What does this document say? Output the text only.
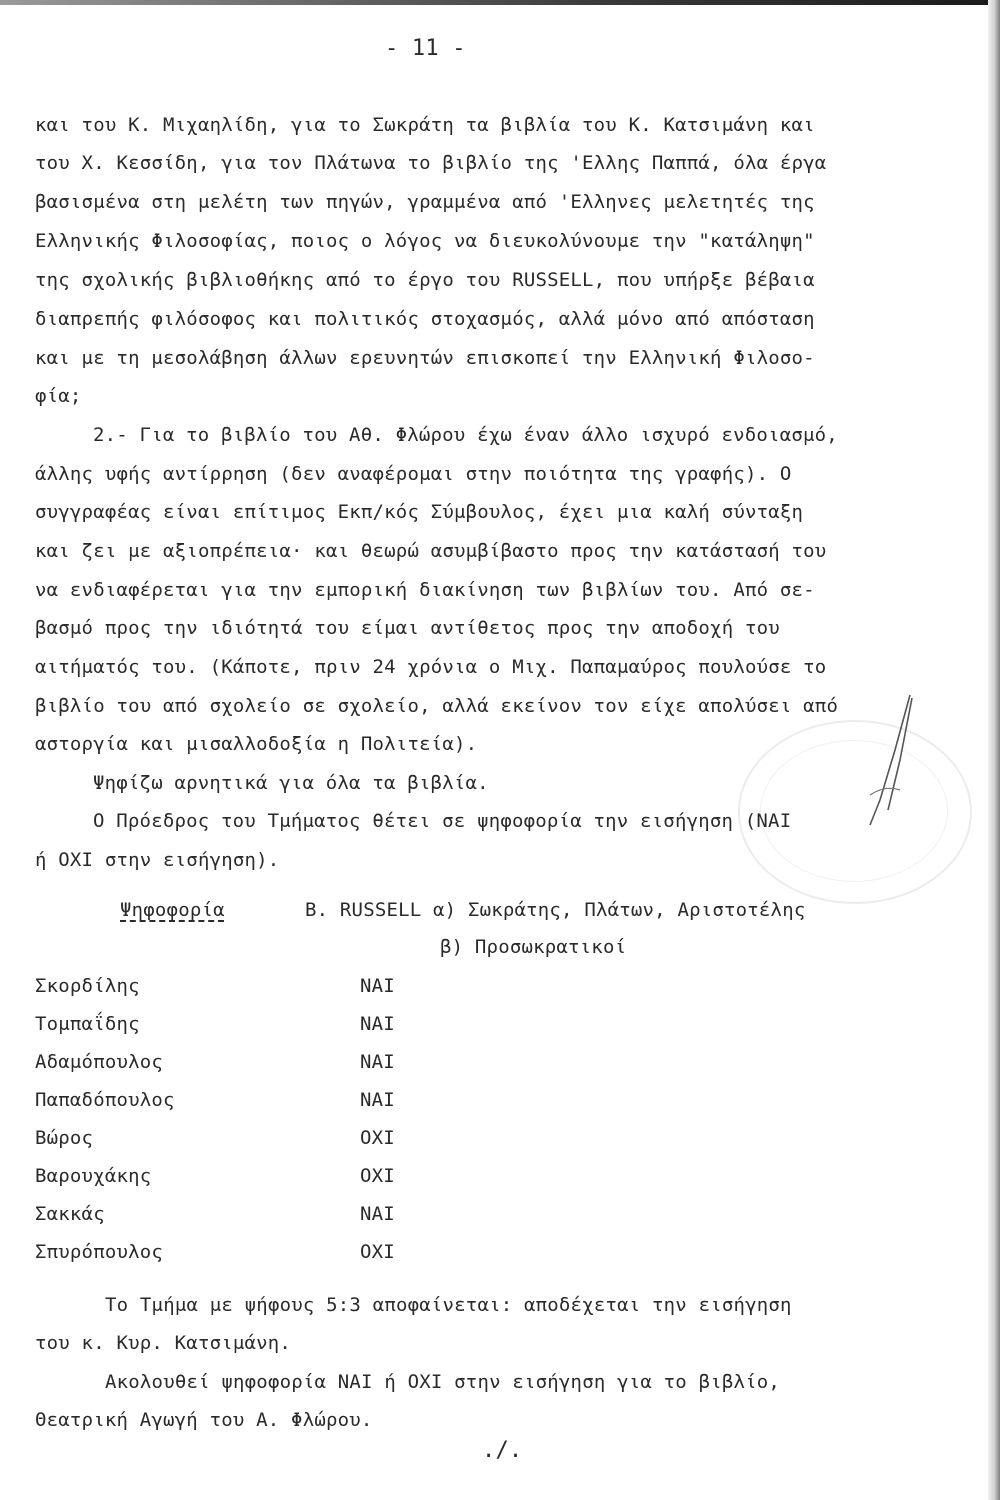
- 11 -
και του Κ. Μιχαηλίδη, για το Σωκράτη τα βιβλία του Κ. Κατσιμάνη και
του Χ. Κεσσίδη, για τον Πλάτωνα το βιβλίο της 'Ελλης Παππά, όλα έργα
βασισμένα στη μελέτη των πηγών, γραμμένα από 'Ελληνες μελετητές της
Ελληνικής Φιλοσοφίας, ποιος ο λόγος να διευκολύνουμε την "κατάληψη"
της σχολικής βιβλιοθήκης από το έργο του RUSSELL, που υπήρξε βέβαια
διαπρεπής φιλόσοφος και πολιτικός στοχασμός, αλλά μόνο από απόσταση
και με τη μεσολάβηση άλλων ερευνητών επισκοπεί την Ελληνική Φιλοσο-
φία;
2.- Για το βιβλίο του Αθ. Φλώρου έχω έναν άλλο ισχυρό ενδοιασμό,
άλλης υφής αντίρρηση (δεν αναφέρομαι στην ποιότητα της γραφής). Ο
συγγραφέας είναι επίτιμος Εκπ/κός Σύμβουλος, έχει μια καλή σύνταξη
και ζει με αξιοπρέπεια· και θεωρώ ασυμβίβαστο προς την κατάστασή του
να ενδιαφέρεται για την εμπορική διακίνηση των βιβλίων του. Από σε-
βασμό προς την ιδιότητά του είμαι αντίθετος προς την αποδοχή του
αιτήματός του. (Κάποτε, πριν 24 χρόνια ο Μιχ. Παπαμαύρος πουλούσε το
βιβλίο του από σχολείο σε σχολείο, αλλά εκείνον τον είχε απολύσει από
αστοργία και μισαλλοδοξία η Πολιτεία).
Ψηφίζω αρνητικά για όλα τα βιβλία.
Ο Πρόεδρος του Τμήματος θέτει σε ψηφοφορία την εισήγηση (ΝΑΙ
ή ΟΧΙ στην εισήγηση).
Ψηφοφορία	Β. RUSSELL α) Σωκράτης, Πλάτων, Αριστοτέλης
β) Προσωκρατικοί
Σκορδίλης	ΝΑΙ
Τομπαΐδης	ΝΑΙ
Αδαμόπουλος	ΝΑΙ
Παπαδόπουλος	ΝΑΙ
Βώρος	ΟΧΙ
Βαρουχάκης	ΟΧΙ
Σακκάς	ΝΑΙ
Σπυρόπουλος	ΟΧΙ
Το Τμήμα με ψήφους 5:3 αποφαίνεται: αποδέχεται την εισήγηση
του κ. Κυρ. Κατσιμάνη.
Ακολουθεί ψηφοφορία ΝΑΙ ή ΟΧΙ στην εισήγηση για το βιβλίο,
Θεατρική Αγωγή του Α. Φλώρου.
./.
